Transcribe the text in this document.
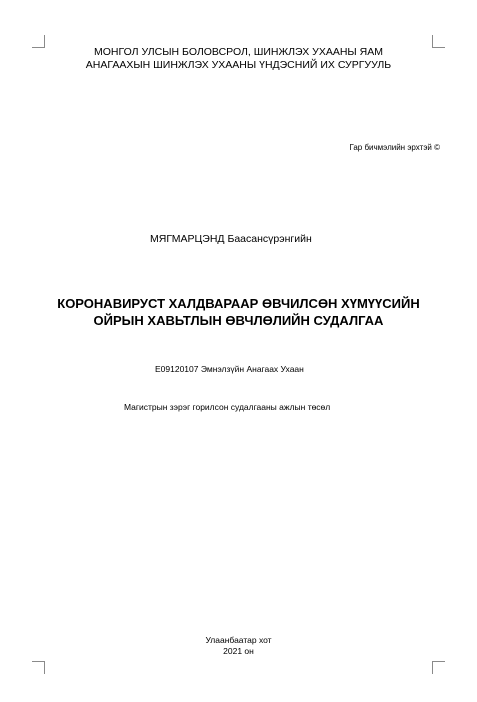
МОНГОЛ УЛСЫН БОЛОВСРОЛ, ШИНЖЛЭХ УХААНЫ ЯАМ
АНАГААХЫН ШИНЖЛЭХ УХААНЫ ҮНДЭСНИЙ ИХ СУРГУУЛЬ
Гар бичмэлийн эрхтэй ©
МЯГМАРЦЭНД Баасансүрэнгийн
КОРОНАВИРУСТ ХАЛДВАРААР ӨВЧИЛСӨН ХҮМҮҮСИЙН
ОЙРЫН ХАВЬТЛЫН ӨВЧЛӨЛИЙН СУДАЛГАА
E09120107 Эмнэлзүйн Анагаах Ухаан
Магистрын зэрэг горилсон судалгааны ажлын төсөл
Улаанбаатар хот
2021 он
